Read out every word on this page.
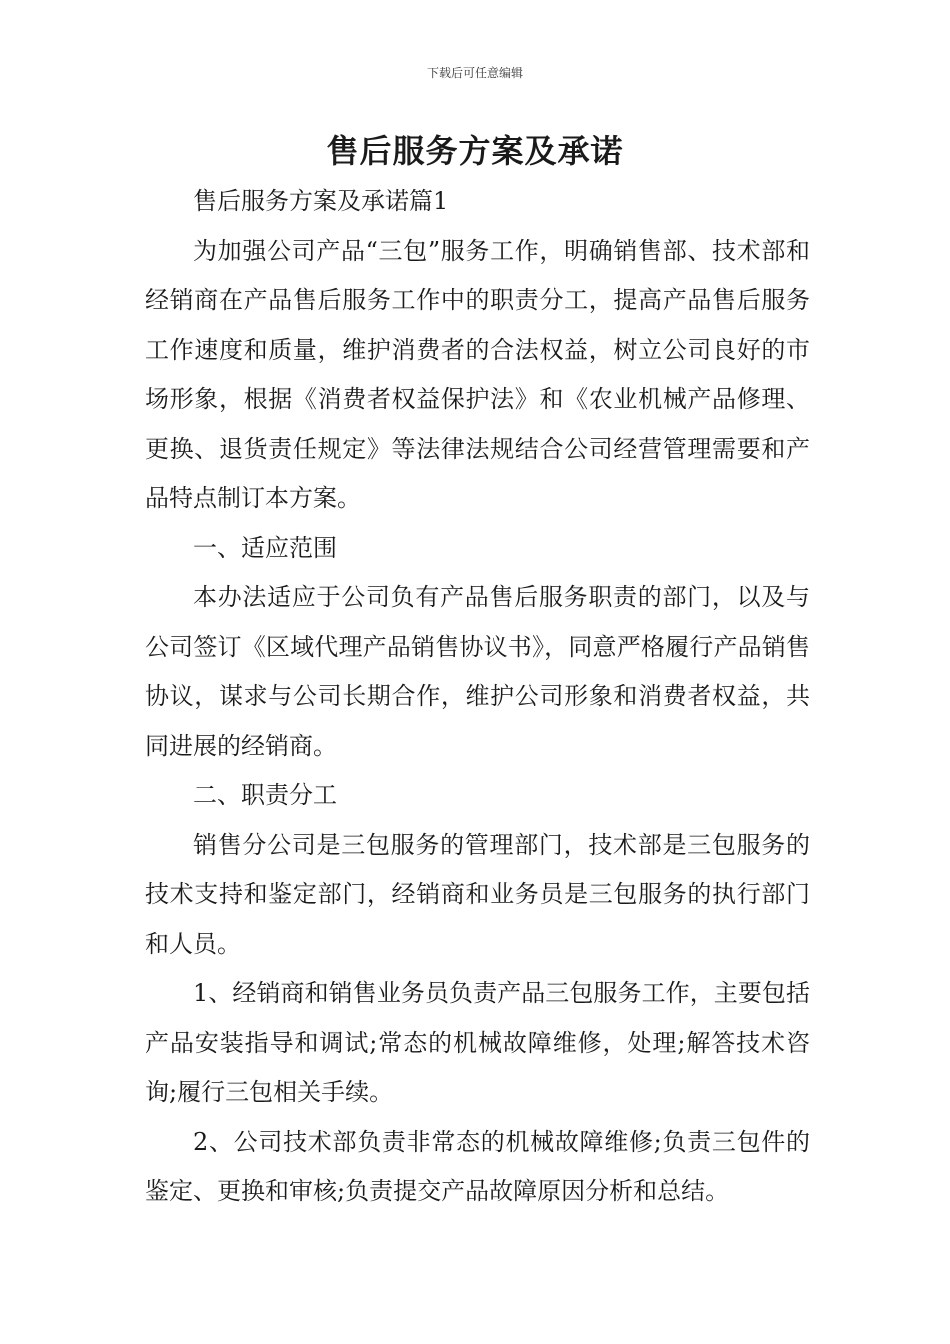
下载后可任意编辑
售后服务方案及承诺

售后服务方案及承诺篇1

为加强公司产品“三包”服务工作，明确销售部、技术部和经销商在产品售后服务工作中的职责分工，提高产品售后服务工作速度和质量，维护消费者的合法权益，树立公司良好的市场形象，根据《消费者权益保护法》和《农业机械产品修理、更换、退货责任规定》等法律法规结合公司经营管理需要和产品特点制订本方案。

一、适应范围

本办法适应于公司负有产品售后服务职责的部门，以及与公司签订《区域代理产品销售协议书》，同意严格履行产品销售协议，谋求与公司长期合作，维护公司形象和消费者权益，共同进展的经销商。

二、职责分工

销售分公司是三包服务的管理部门，技术部是三包服务的技术支持和鉴定部门，经销商和业务员是三包服务的执行部门和人员。

1、经销商和销售业务员负责产品三包服务工作，主要包括产品安装指导和调试;常态的机械故障维修，处理;解答技术咨询;履行三包相关手续。

2、公司技术部负责非常态的机械故障维修;负责三包件的鉴定、更换和审核;负责提交产品故障原因分析和总结。
